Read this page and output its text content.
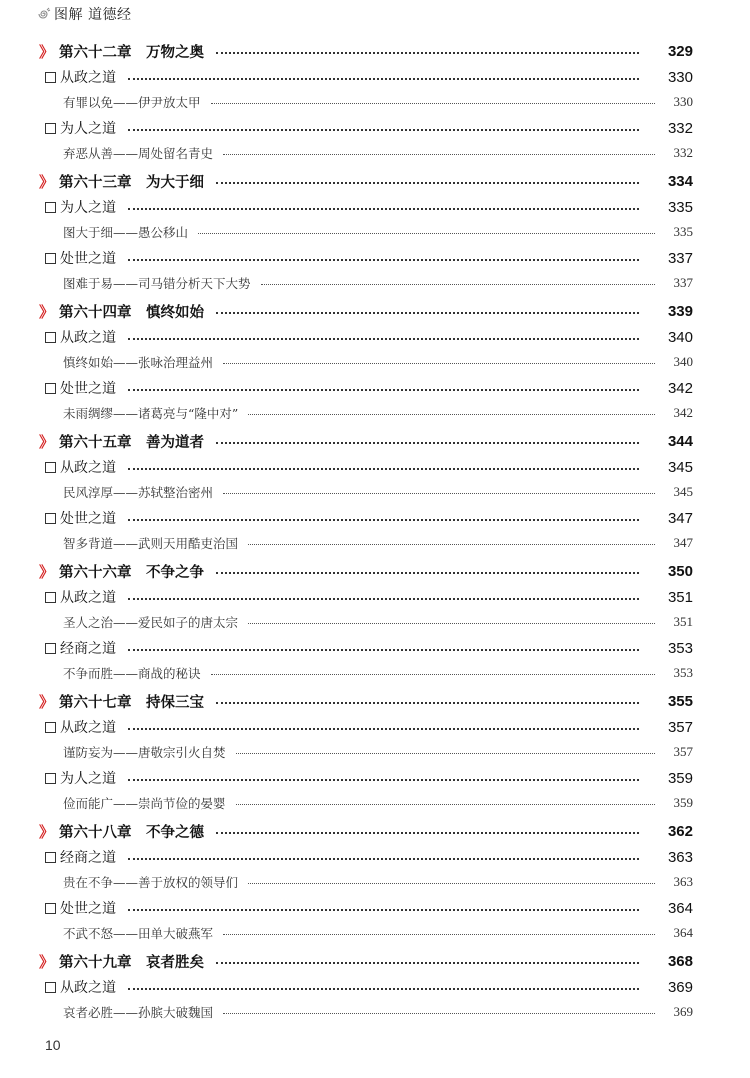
图解 道德经
》 第六十二章　万物之奥	329
从政之道	330
有罪以免——伊尹放太甲	330
为人之道	332
弃恶从善——周处留名青史	332
》 第六十三章　为大于细	334
为人之道	335
图大于细——愚公移山	335
处世之道	337
图难于易——司马错分析天下大势	337
》 第六十四章　慎终如始	339
从政之道	340
慎终如始——张咏治理益州	340
处世之道	342
未雨绸缪——诸葛亮与“隆中对”	342
》 第六十五章　善为道者	344
从政之道	345
民风淳厚——苏轼整治密州	345
处世之道	347
智多背道——武则天用酷吏治国	347
》 第六十六章　不争之争	350
从政之道	351
圣人之治——爱民如子的唐太宗	351
经商之道	353
不争而胜——商战的秘诀	353
》 第六十七章　持保三宝	355
从政之道	357
谨防妄为——唐敬宗引火自焚	357
为人之道	359
俭而能广——崇尚节俭的晏婴	359
》 第六十八章　不争之德	362
经商之道	363
贵在不争——善于放权的领导们	363
处世之道	364
不武不怒——田单大破燕军	364
》 第六十九章　哀者胜矣	368
从政之道	369
哀者必胜——孙膑大破魏国	369
10
